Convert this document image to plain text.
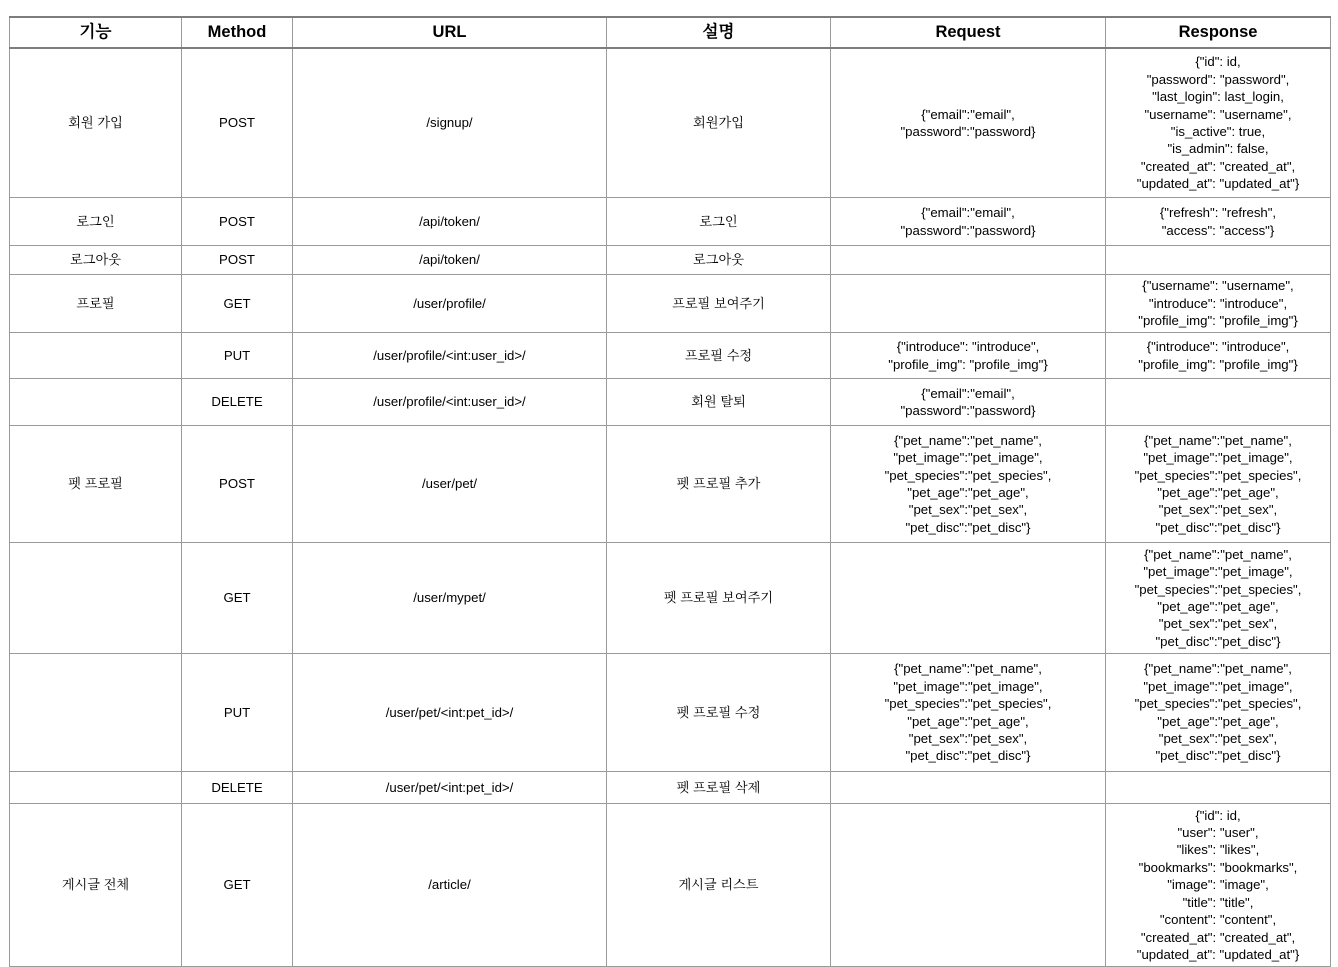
기능	Method	URL	설명	Request	Response
회원 가입	POST	/signup/	회원가입	{"email":"email",
"password":"password}	{"id": id,
"password": "password",
"last_login": last_login,
"username": "username",
"is_active": true,
"is_admin": false,
"created_at": "created_at",
"updated_at": "updated_at"}
로그인	POST	/api/token/	로그인	{"email":"email",
"password":"password}	{"refresh": "refresh",
"access": "access"}
로그아웃	POST	/api/token/	로그아웃		
프로필	GET	/user/profile/	프로필 보여주기		{"username": "username",
"introduce": "introduce",
"profile_img": "profile_img"}
	PUT	/user/profile/<int:user_id>/	프로필 수정	{"introduce": "introduce",
"profile_img": "profile_img"}	{"introduce": "introduce",
"profile_img": "profile_img"}
	DELETE	/user/profile/<int:user_id>/	회원 탈퇴	{"email":"email",
"password":"password}	
펫 프로필	POST	/user/pet/	펫 프로필 추가	{"pet_name":"pet_name",
"pet_image":"pet_image",
"pet_species":"pet_species",
"pet_age":"pet_age",
"pet_sex":"pet_sex",
"pet_disc":"pet_disc"}	{"pet_name":"pet_name",
"pet_image":"pet_image",
"pet_species":"pet_species",
"pet_age":"pet_age",
"pet_sex":"pet_sex",
"pet_disc":"pet_disc"}
	GET	/user/mypet/	펫 프로필 보여주기		{"pet_name":"pet_name",
"pet_image":"pet_image",
"pet_species":"pet_species",
"pet_age":"pet_age",
"pet_sex":"pet_sex",
"pet_disc":"pet_disc"}
	PUT	/user/pet/<int:pet_id>/	펫 프로필 수정	{"pet_name":"pet_name",
"pet_image":"pet_image",
"pet_species":"pet_species",
"pet_age":"pet_age",
"pet_sex":"pet_sex",
"pet_disc":"pet_disc"}	{"pet_name":"pet_name",
"pet_image":"pet_image",
"pet_species":"pet_species",
"pet_age":"pet_age",
"pet_sex":"pet_sex",
"pet_disc":"pet_disc"}
	DELETE	/user/pet/<int:pet_id>/	펫 프로필 삭제		
게시글 전체	GET	/article/	게시글 리스트		{"id": id,
"user": "user",
"likes": "likes",
"bookmarks": "bookmarks",
"image": "image",
"title": "title",
"content": "content",
"created_at": "created_at",
"updated_at": "updated_at"}
